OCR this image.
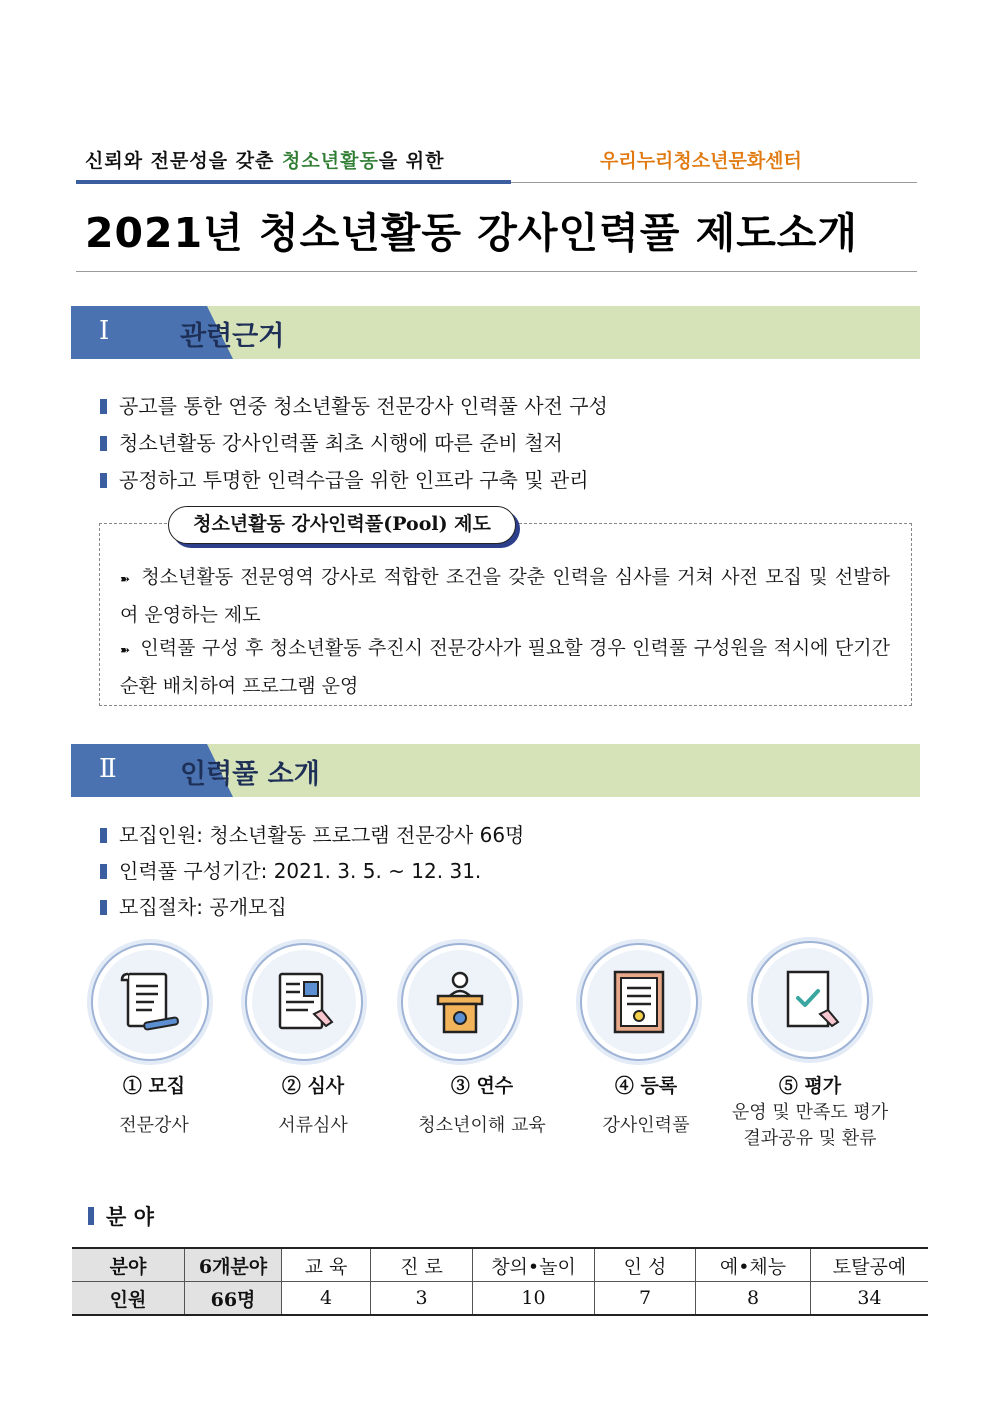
신뢰와 전문성을 갖춘 청소년활동을 위한	우리누리청소년문화센터
2021년 청소년활동 강사인력풀 제도소개
Ⅰ	관련근거
공고를 통한 연중 청소년활동 전문강사 인력풀 사전 구성
청소년활동 강사인력풀 최초 시행에 따른 준비 철저
공정하고 투명한 인력수급을 위한 인프라 구축 및 관리
청소년활동 강사인력풀(Pool) 제도
➽ 청소년활동 전문영역 강사로 적합한 조건을 갖춘 인력을 심사를 거쳐 사전 모집 및 선발하여 운영하는 제도
➽ 인력풀 구성 후 청소년활동 추진시 전문강사가 필요할 경우 인력풀 구성원을 적시에 단기간 순환 배치하여 프로그램 운영
Ⅱ	인력풀 소개
모집인원: 청소년활동 프로그램 전문강사 66명
인력풀 구성기간: 2021. 3. 5. ~ 12. 31.
모집절차: 공개모집
① 모집
전문강사
② 심사
서류심사
③ 연수
청소년이해 교육
④ 등록
강사인력풀
⑤ 평가
운영 및 만족도 평가
결과공유 및 환류
분 야
분야	6개분야	교 육	진 로	창의•놀이	인 성	예•체능	토탈공예
인원	66명	4	3	10	7	8	34
